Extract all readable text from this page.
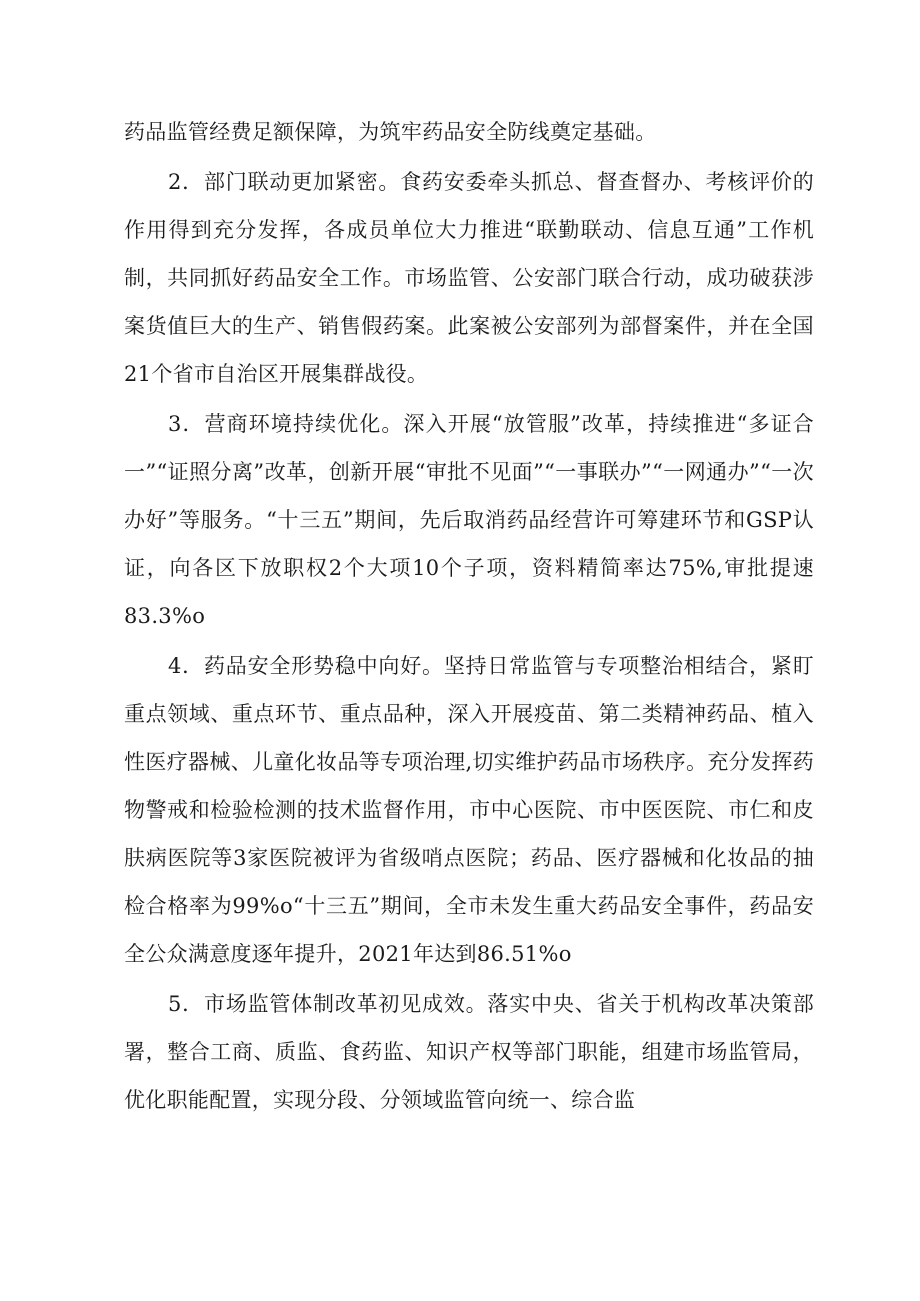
药品监管经费足额保障，为筑牢药品安全防线奠定基础。

2．部门联动更加紧密。食药安委牵头抓总、督查督办、考核评价的作用得到充分发挥，各成员单位大力推进“联勤联动、信息互通”工作机制，共同抓好药品安全工作。市场监管、公安部门联合行动，成功破获涉案货值巨大的生产、销售假药案。此案被公安部列为部督案件，并在全国21个省市自治区开展集群战役。

3．营商环境持续优化。深入开展“放管服”改革，持续推进“多证合一”“证照分离”改革，创新开展“审批不见面”“一事联办”“一网通办”“一次办好”等服务。“十三五”期间，先后取消药品经营许可筹建环节和GSP认证，向各区下放职权2个大项10个子项，资料精简率达75%,审批提速83.3%o

4．药品安全形势稳中向好。坚持日常监管与专项整治相结合，紧盯重点领域、重点环节、重点品种，深入开展疫苗、第二类精神药品、植入性医疗器械、儿童化妆品等专项治理,切实维护药品市场秩序。充分发挥药物警戒和检验检测的技术监督作用，市中心医院、市中医医院、市仁和皮肤病医院等3家医院被评为省级哨点医院；药品、医疗器械和化妆品的抽检合格率为99%o“十三五”期间，全市未发生重大药品安全事件，药品安全公众满意度逐年提升，2021年达到86.51%o

5．市场监管体制改革初见成效。落实中央、省关于机构改革决策部署，整合工商、质监、食药监、知识产权等部门职能，组建市场监管局，优化职能配置，实现分段、分领域监管向统一、综合监
